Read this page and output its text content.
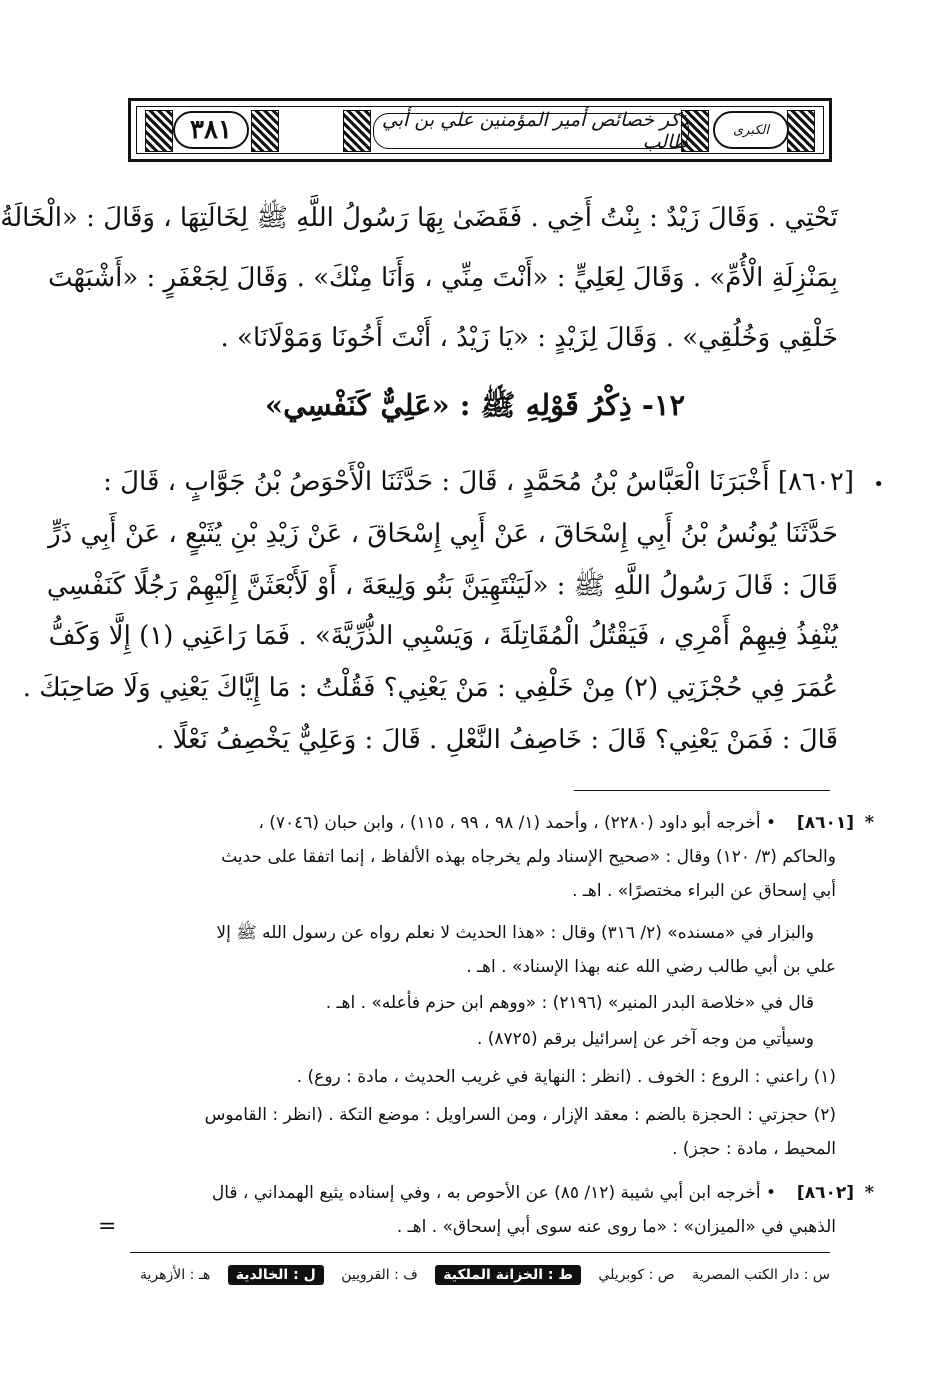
٣٨١	ذكر خصائص أمير المؤمنين علي بن أبي طالب
الكبرى
تَحْتِي . وَقَالَ زَيْدٌ : بِنْتُ أَخِي . فَقَضَىٰ بِهَا رَسُولُ اللَّهِ ﷺ لِخَالَتِهَا ، وَقَالَ : «الْخَالَةُ
بِمَنْزِلَةِ الْأُمِّ» . وَقَالَ لِعَلِيٍّ : «أَنْتَ مِنِّي ، وَأَنَا مِنْكَ» . وَقَالَ لِجَعْفَرٍ : «أَشْبَهْتَ
خَلْقِي وَخُلُقِي» . وَقَالَ لِزَيْدٍ : «يَا زَيْدُ ، أَنْتَ أَخُونَا وَمَوْلَانَا» .
١٢- ذِكْرُ قَوْلِهِ ﷺ : «عَلِيٌّ كَنَفْسِي»
•
[٨٦٠٢] أَخْبَرَنَا الْعَبَّاسُ بْنُ مُحَمَّدٍ ، قَالَ : حَدَّثَنَا الْأَحْوَصُ بْنُ جَوَّابٍ ، قَالَ :
حَدَّثَنَا يُونُسُ بْنُ أَبِي إِسْحَاقَ ، عَنْ أَبِي إِسْحَاقَ ، عَنْ زَيْدِ بْنِ يُثَيْعٍ ، عَنْ أَبِي ذَرٍّ
قَالَ : قَالَ رَسُولُ اللَّهِ ﷺ : «لَيَنْتَهِيَنَّ بَنُو وَلِيعَةَ ، أَوْ لَأَبْعَثَنَّ إِلَيْهِمْ رَجُلًا كَنَفْسِي
يُنْفِذُ فِيهِمْ أَمْرِي ، فَيَقْتُلُ الْمُقَاتِلَةَ ، وَيَسْبِي الذُّرِّيَّةَ» . فَمَا رَاعَنِي (١) إِلَّا وَكَفُّ
عُمَرَ فِي حُجْزَتِي (٢) مِنْ خَلْفِي : مَنْ يَعْنِي؟ فَقُلْتُ : مَا إِيَّاكَ يَعْنِي وَلَا صَاحِبَكَ .
قَالَ : فَمَنْ يَعْنِي؟ قَالَ : خَاصِفُ النَّعْلِ . قَالَ : وَعَلِيٌّ يَخْصِفُ نَعْلًا .
*
[٨٦٠١]
• أخرجه أبو داود (٢٢٨٠) ، وأحمد (١/ ٩٨ ، ٩٩ ، ١١٥) ، وابن حبان (٧٠٤٦) ،
والحاكم (٣/ ١٢٠) وقال : «صحيح الإسناد ولم يخرجاه بهذه الألفاظ ، إنما اتفقا على حديث
أبي إسحاق عن البراء مختصرًا» . اهـ .
والبزار في «مسنده» (٢/ ٣١٦) وقال : «هذا الحديث لا نعلم رواه عن رسول الله ﷺ إلا
علي بن أبي طالب رضي الله عنه بهذا الإسناد» . اهـ .
قال في «خلاصة البدر المنير» (٢١٩٦) : «ووهم ابن حزم فأعله» . اهـ .
وسيأتي من وجه آخر عن إسرائيل برقم (٨٧٢٥) .
(١) راعني : الروع : الخوف . (انظر : النهاية في غريب الحديث ، مادة : روع) .
(٢) حجزتي : الحجزة بالضم : معقد الإزار ، ومن السراويل : موضع التكة . (انظر : القاموس
المحيط ، مادة : حجز) .
*
[٨٦٠٢]
• أخرجه ابن أبي شيبة (١٢/ ٨٥) عن الأحوص به ، وفي إسناده يثيع الهمداني ، قال
الذهبي في «الميزان» : «ما روى عنه سوى أبي إسحاق» . اهـ .
=
س : دار الكتب المصرية
ص : كوبريلي
ط : الخزانة الملكية
ف : القرويين
ل : الخالدية
هـ : الأزهرية
